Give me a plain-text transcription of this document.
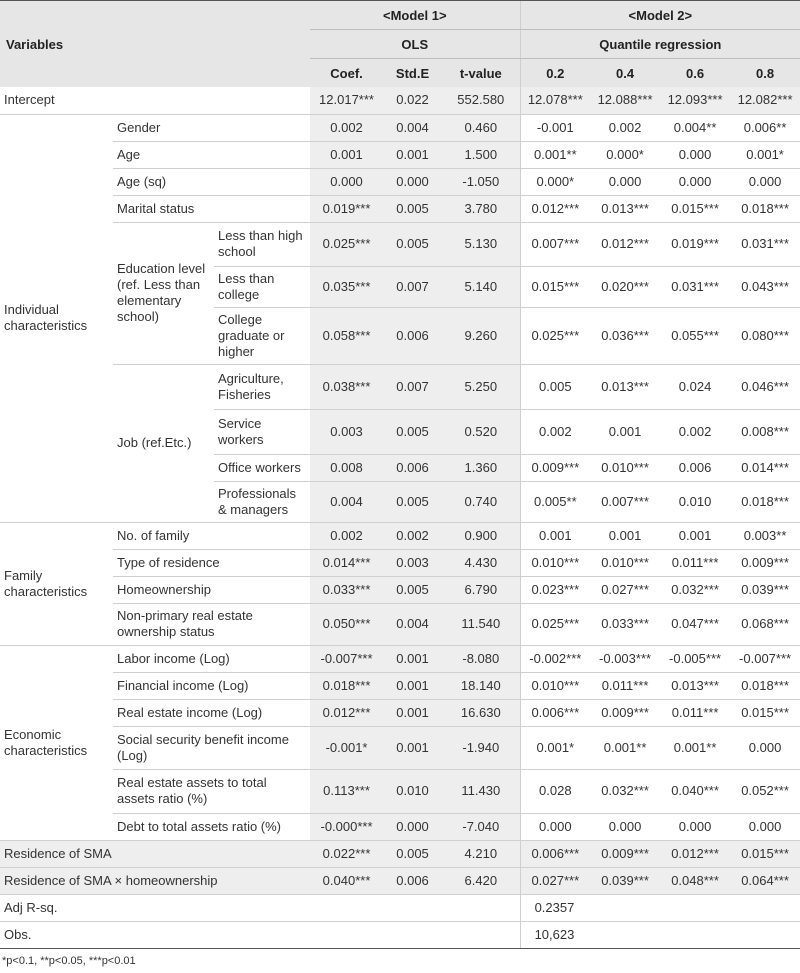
Variables			<Model 1>			<Model 2>			
			OLS			Quantile regression			
			Coef.	Std.E	t-value	0.2	0.4	0.6	0.8
Intercept			12.017***	0.022	552.580	12.078***	12.088***	12.093***	12.082***
Individual characteristics	Gender		0.002	0.004	0.460	-0.001	0.002	0.004**	0.006**
	Age		0.001	0.001	1.500	0.001**	0.000*	0.000	0.001*
	Age (sq)		0.000	0.000	-1.050	0.000*	0.000	0.000	0.000
	Marital status		0.019***	0.005	3.780	0.012***	0.013***	0.015***	0.018***
	Education level (ref. Less than elementary school)	Less than high school	0.025***	0.005	5.130	0.007***	0.012***	0.019***	0.031***
		Less than college	0.035***	0.007	5.140	0.015***	0.020***	0.031***	0.043***
		College graduate or higher	0.058***	0.006	9.260	0.025***	0.036***	0.055***	0.080***
	Job (ref.Etc.)	Agriculture, Fisheries	0.038***	0.007	5.250	0.005	0.013***	0.024	0.046***
		Service workers	0.003	0.005	0.520	0.002	0.001	0.002	0.008***
		Office workers	0.008	0.006	1.360	0.009***	0.010***	0.006	0.014***
		Professionals & managers	0.004	0.005	0.740	0.005**	0.007***	0.010	0.018***
Family characteristics	No. of family		0.002	0.002	0.900	0.001	0.001	0.001	0.003**
	Type of residence		0.014***	0.003	4.430	0.010***	0.010***	0.011***	0.009***
	Homeownership		0.033***	0.005	6.790	0.023***	0.027***	0.032***	0.039***
	Non-primary real estate ownership status		0.050***	0.004	11.540	0.025***	0.033***	0.047***	0.068***
Economic characteristics	Labor income (Log)		-0.007***	0.001	-8.080	-0.002***	-0.003***	-0.005***	-0.007***
	Financial income (Log)		0.018***	0.001	18.140	0.010***	0.011***	0.013***	0.018***
	Real estate income (Log)		0.012***	0.001	16.630	0.006***	0.009***	0.011***	0.015***
	Social security benefit income (Log)		-0.001*	0.001	-1.940	0.001*	0.001**	0.001**	0.000
	Real estate assets to total assets ratio (%)		0.113***	0.010	11.430	0.028	0.032***	0.040***	0.052***
	Debt to total assets ratio (%)		-0.000***	0.000	-7.040	0.000	0.000	0.000	0.000
Residence of SMA			0.022***	0.005	4.210	0.006***	0.009***	0.012***	0.015***
Residence of SMA × homeownership			0.040***	0.006	6.420	0.027***	0.039***	0.048***	0.064***
Adj R-sq.						0.2357			
Obs.						10,623			
*p<0.1, **p<0.05, ***p<0.01
